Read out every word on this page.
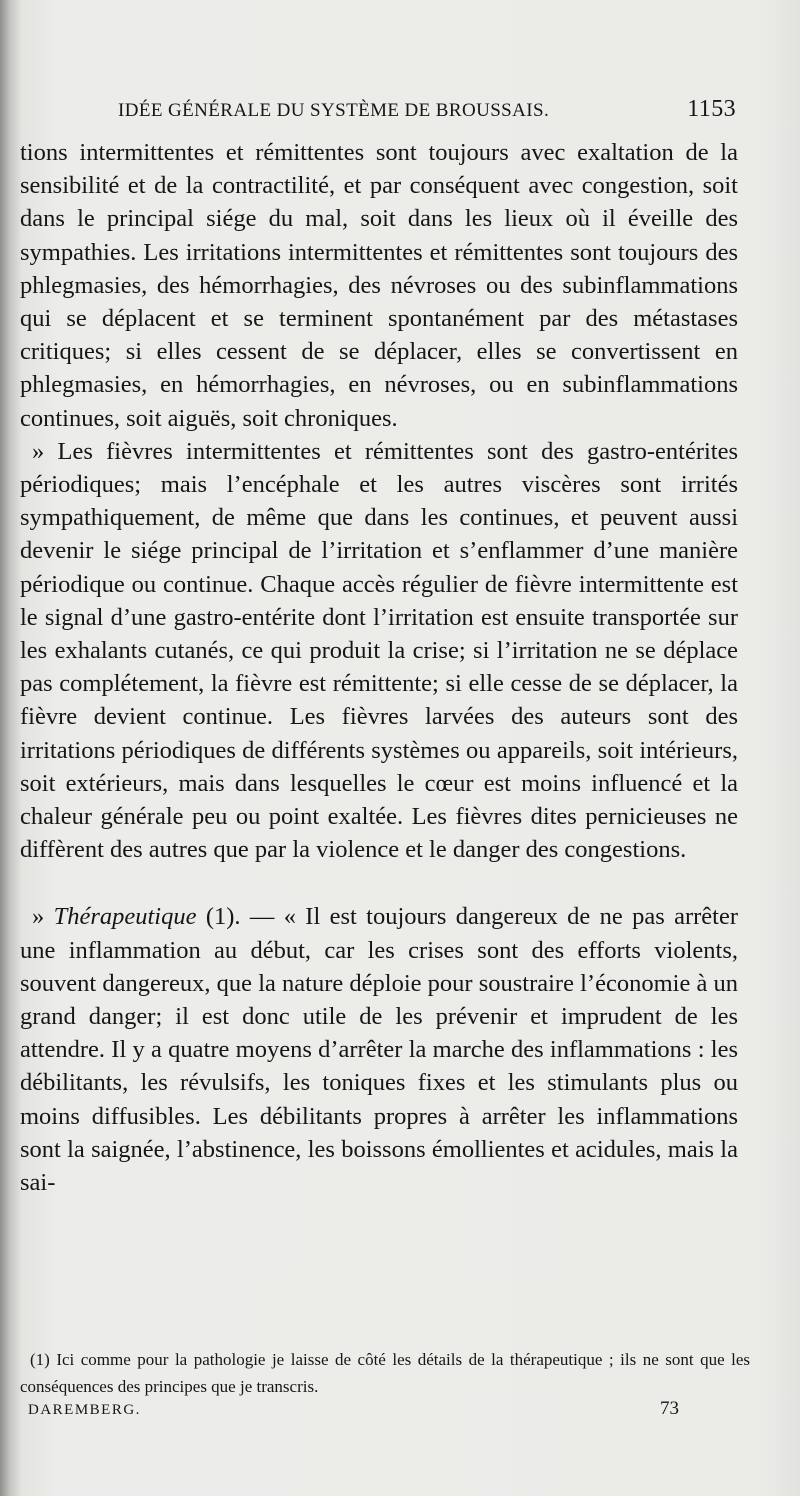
IDÉE GÉNÉRALE DU SYSTÈME DE BROUSSAIS.	1153

tions intermittentes et rémittentes sont toujours avec exaltation de la sensibilité et de la contractilité, et par conséquent avec congestion, soit dans le principal siége du mal, soit dans les lieux où il éveille des sympathies. Les irritations intermittentes et rémittentes sont toujours des phlegmasies, des hémorrhagies, des névroses ou des subinflammations qui se déplacent et se terminent spontanément par des métastases critiques; si elles cessent de se déplacer, elles se convertissent en phlegmasies, en hémorrhagies, en névroses, ou en subinflammations continues, soit aiguës, soit chroniques.

» Les fièvres intermittentes et rémittentes sont des gastro-entérites périodiques; mais l’encéphale et les autres viscères sont irrités sympathiquement, de même que dans les continues, et peuvent aussi devenir le siége principal de l’irritation et s’enflammer d’une manière périodique ou continue. Chaque accès régulier de fièvre intermittente est le signal d’une gastro-entérite dont l’irritation est ensuite transportée sur les exhalants cutanés, ce qui produit la crise; si l’irritation ne se déplace pas complétement, la fièvre est rémittente; si elle cesse de se déplacer, la fièvre devient continue. Les fièvres larvées des auteurs sont des irritations périodiques de différents systèmes ou appareils, soit intérieurs, soit extérieurs, mais dans lesquelles le cœur est moins influencé et la chaleur générale peu ou point exaltée. Les fièvres dites pernicieuses ne diffèrent des autres que par la violence et le danger des congestions.

» Thérapeutique (1). — « Il est toujours dangereux de ne pas arrêter une inflammation au début, car les crises sont des efforts violents, souvent dangereux, que la nature déploie pour soustraire l’économie à un grand danger; il est donc utile de les prévenir et imprudent de les attendre. Il y a quatre moyens d’arrêter la marche des inflammations : les débilitants, les révulsifs, les toniques fixes et les stimulants plus ou moins diffusibles. Les débilitants propres à arrêter les inflammations sont la saignée, l’abstinence, les boissons émollientes et acidules, mais la sai-

(1) Ici comme pour la pathologie je laisse de côté les détails de la thérapeutique ; ils ne sont que les conséquences des principes que je transcris.
DAREMBERG.	73
